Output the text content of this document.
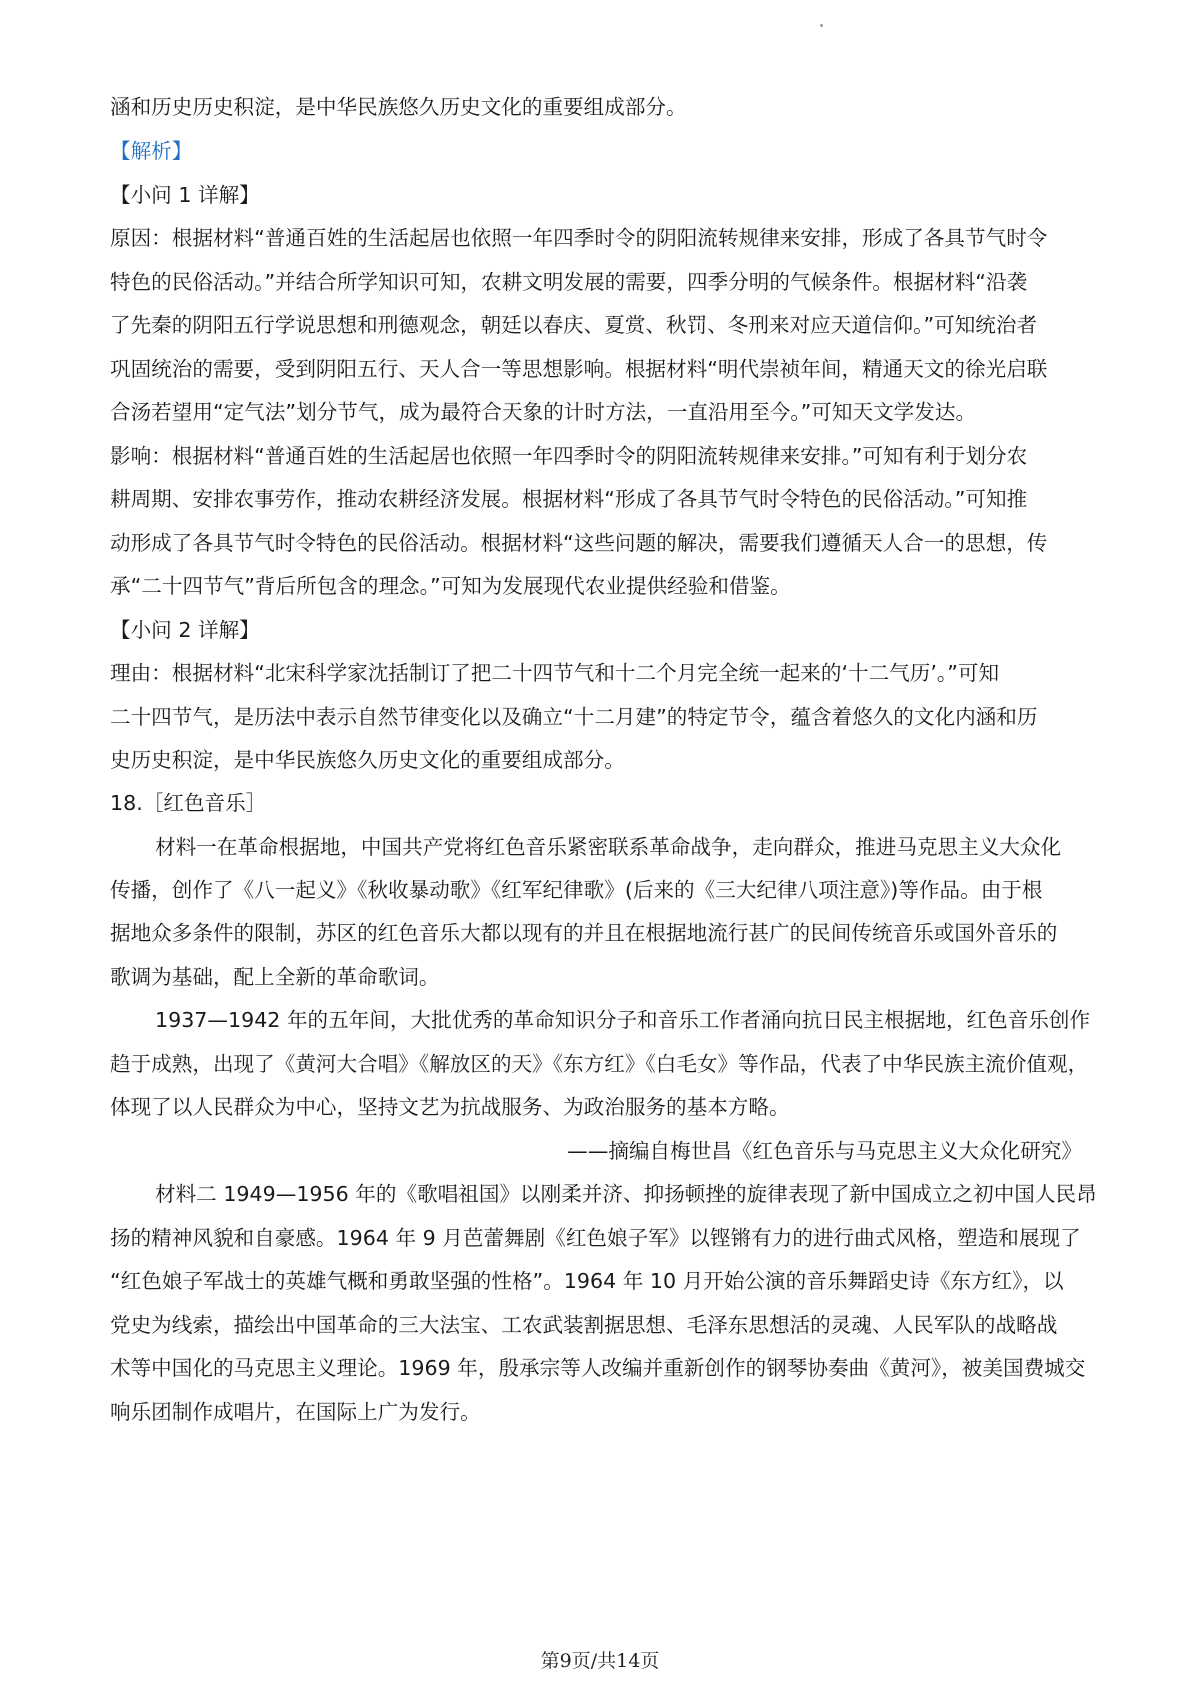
涵和历史历史积淀，是中华民族悠久历史文化的重要组成部分。
【解析】
【小问 1 详解】
原因：根据材料“普通百姓的生活起居也依照一年四季时令的阴阳流转规律来安排，形成了各具节气时令
特色的民俗活动。”并结合所学知识可知，农耕文明发展的需要，四季分明的气候条件。根据材料“沿袭
了先秦的阴阳五行学说思想和刑德观念，朝廷以春庆、夏赏、秋罚、冬刑来对应天道信仰。”可知统治者
巩固统治的需要，受到阴阳五行、天人合一等思想影响。根据材料“明代崇祯年间，精通天文的徐光启联
合汤若望用“定气法”划分节气，成为最符合天象的计时方法，一直沿用至今。”可知天文学发达。
影响：根据材料“普通百姓的生活起居也依照一年四季时令的阴阳流转规律来安排。”可知有利于划分农
耕周期、安排农事劳作，推动农耕经济发展。根据材料“形成了各具节气时令特色的民俗活动。”可知推
动形成了各具节气时令特色的民俗活动。根据材料“这些问题的解决，需要我们遵循天人合一的思想，传
承“二十四节气”背后所包含的理念。”可知为发展现代农业提供经验和借鉴。
【小问 2 详解】
理由：根据材料“北宋科学家沈括制订了把二十四节气和十二个月完全统一起来的‘十二气历’。”可知
二十四节气，是历法中表示自然节律变化以及确立“十二月建”的特定节令，蕴含着悠久的文化内涵和历
史历史积淀，是中华民族悠久历史文化的重要组成部分。
18.［红色音乐］
材料一在革命根据地，中国共产党将红色音乐紧密联系革命战争，走向群众，推进马克思主义大众化
传播，创作了《八一起义》《秋收暴动歌》《红军纪律歌》(后来的《三大纪律八项注意》)等作品。由于根
据地众多条件的限制，苏区的红色音乐大都以现有的并且在根据地流行甚广的民间传统音乐或国外音乐的
歌调为基础，配上全新的革命歌词。
1937—1942 年的五年间，大批优秀的革命知识分子和音乐工作者涌向抗日民主根据地，红色音乐创作
趋于成熟，出现了《黄河大合唱》《解放区的天》《东方红》《白毛女》等作品，代表了中华民族主流价值观，
体现了以人民群众为中心，坚持文艺为抗战服务、为政治服务的基本方略。
——摘编自梅世昌《红色音乐与马克思主义大众化研究》
材料二 1949—1956 年的《歌唱祖国》以刚柔并济、抑扬顿挫的旋律表现了新中国成立之初中国人民昂
扬的精神风貌和自豪感。1964 年 9 月芭蕾舞剧《红色娘子军》以铿锵有力的进行曲式风格，塑造和展现了
“红色娘子军战士的英雄气概和勇敢坚强的性格”。1964 年 10 月开始公演的音乐舞蹈史诗《东方红》，以
党史为线索，描绘出中国革命的三大法宝、工农武装割据思想、毛泽东思想活的灵魂、人民军队的战略战
术等中国化的马克思主义理论。1969 年，殷承宗等人改编并重新创作的钢琴协奏曲《黄河》，被美国费城交
响乐团制作成唱片，在国际上广为发行。
第9页/共14页
